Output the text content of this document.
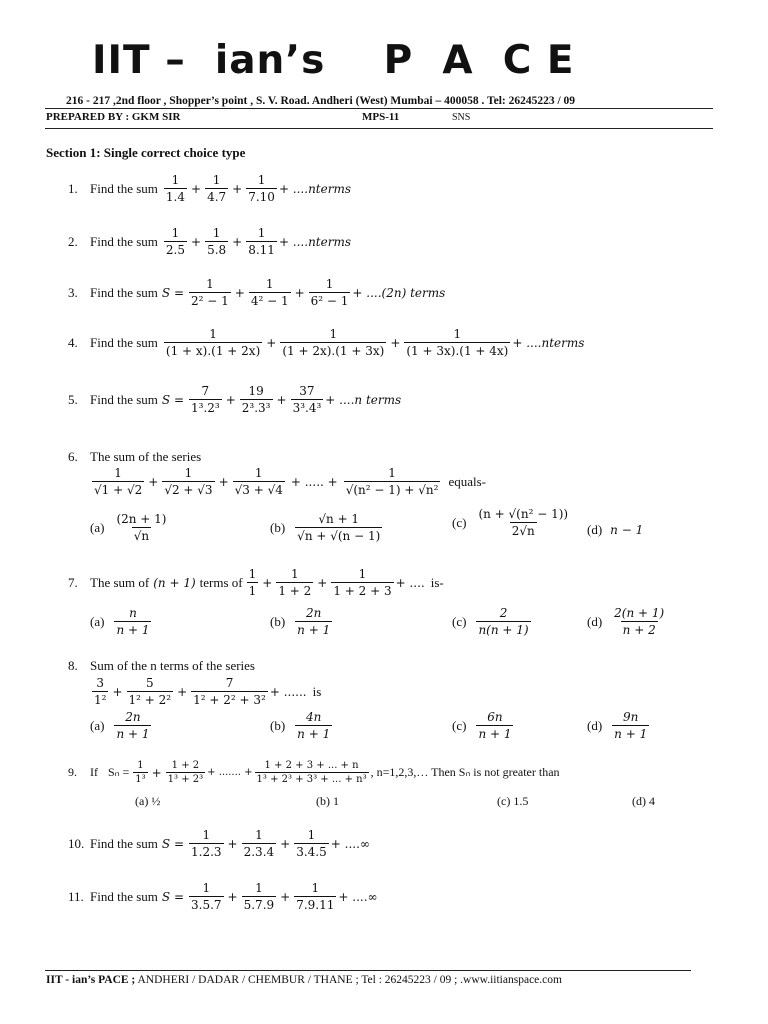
IIT –  ian’s    P  A  C E
216 - 217 ,2nd floor , Shopper’s point , S. V. Road. Andheri (West) Mumbai – 400058 . Tel: 26245223 / 09
PREPARED BY : GKM SIR	MPS-11	SNS
Section 1: Single correct choice type
1. Find the sum $\frac{1}{1.4} + \frac{1}{4.7} + \frac{1}{7.10}$ + ....nterms
2. Find the sum $\frac{1}{2.5} + \frac{1}{5.8} + \frac{1}{8.11}$ + ....nterms
3. Find the sum $S = \frac{1}{\text{2² − 1}} + \frac{1}{\text{4² − 1}} + \frac{1}{\text{6² − 1}} + ....(2n)$ terms
4. Find the sum $\frac{1}{(1 + x).(1 + 2x)} + \frac{1}{(1 + 2x).(1 + 3x)} + \frac{1}{(1 + 3x).(1 + 4x)}$ + ....nterms
5. Find the sum $S = \frac{7}{\text{1³.2³}} + \frac{19}{\text{2³.3³}} + \frac{37}{\text{3³.4³}} + ....n$ terms
6. The sum of the series
$\frac{1}{√1 + √2} + \frac{1}{√2 + √3} + \frac{1}{√3 + √4}$ + ..... + $\frac{1}{\text{√(n² − 1) + √n²}}$ equals-
$(a) \frac{(2n + 1)}{√n}$	$(b) \frac{√n + 1}{√n + √(n - 1)}$	$(c) \frac{\text{(n + √(n² − 1))}}{2√n} (d) n - 1$
7. The sum of (n + 1) terms of $\frac{1}{1} + \frac{1}{1 + 2} + \frac{1}{1 + 2 + 3}$ + .... is-
$(a) \frac{n}{n + 1}$	$(b) \frac{2n}{n + 1}$	$(c) \frac{2}{n(n + 1)}$	$(d) \frac{2(n + 1)}{n + 2}$
8. Sum of the n terms of the series
$\frac{3}{\text{1²}} + \frac{5}{\text{1² + 2²}} + \frac{7}{\text{1² + 2² + 3²}}$ + ...... is
$(a) \frac{2n}{n + 1}$	$(b) \frac{4n}{n + 1}$	$(c) \frac{6n}{n + 1}$	$(d) \frac{9n}{n + 1}$
9.	If $S_n = \frac{1}{\text{1³}} + \frac{1 + 2}{\text{1³ + 2³}}$ + ....... + $\frac{1 + 2 + 3 + ... + n}{\text{1³ + 2³ + 3³ + ... + n³}}$ , n=1,2,3,… Then Sₙ is not greater than
(a) ½	(b) 1	(c) 1.5	(d) 4
10. Find the sum $S = \frac{1}{1.2.3} + \frac{1}{2.3.4} + \frac{1}{3.4.5}$ + ....∞
11. Find the sum $S = \frac{1}{3.5.7} + \frac{1}{5.7.9} + \frac{1}{7.9.11}$ + ....∞
IIT - ian’s PACE ; ANDHERI / DADAR / CHEMBUR / THANE ; Tel : 26245223 / 09 ; .www.iitianspace.com
